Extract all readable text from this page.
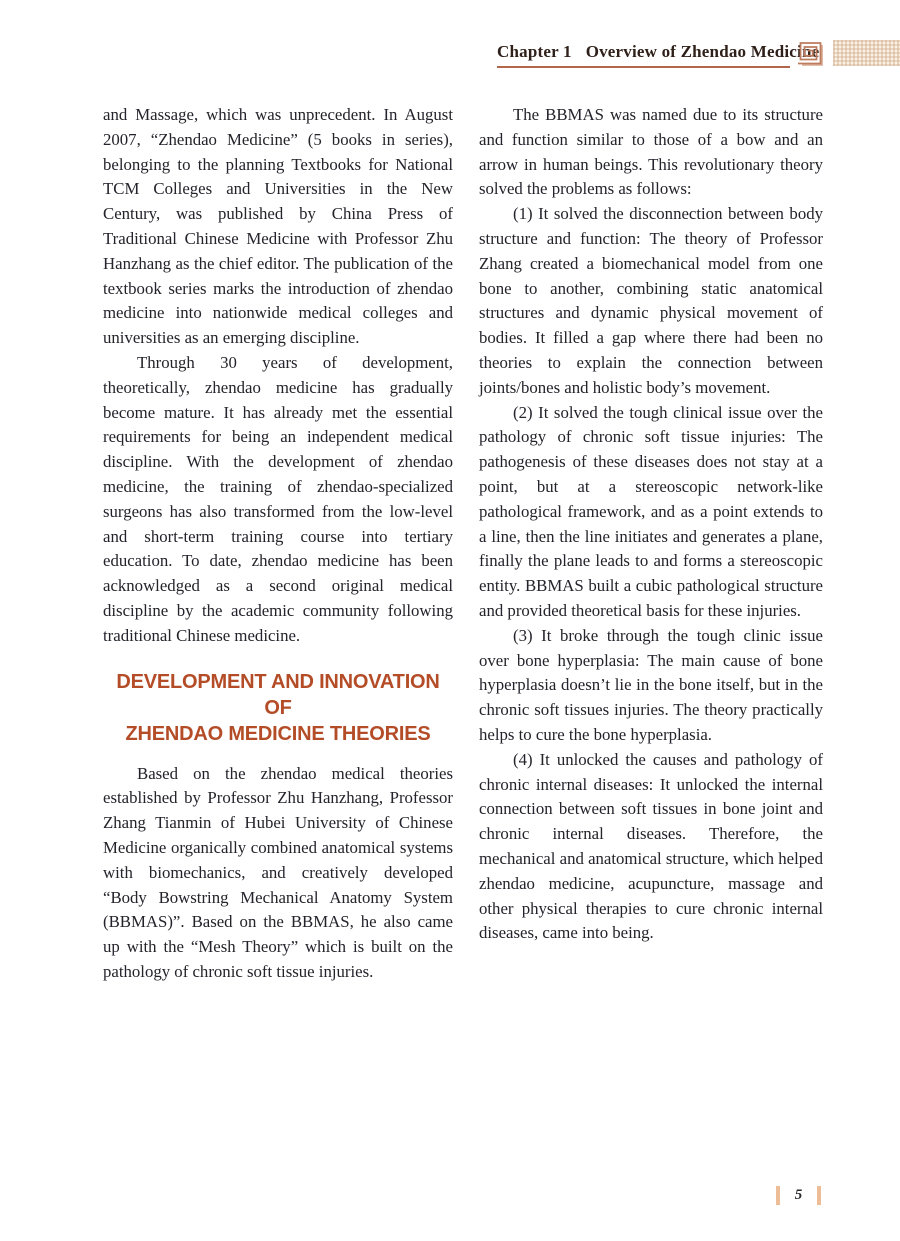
Chapter 1 Overview of Zhendao Medicine

and Massage, which was unprecedent. In August 2007, “Zhendao Medicine” (5 books in series), belonging to the planning Textbooks for National TCM Colleges and Universities in the New Century, was published by China Press of Traditional Chinese Medicine with Professor Zhu Hanzhang as the chief editor. The publication of the textbook series marks the introduction of zhendao medicine into nationwide medical colleges and universities as an emerging discipline.

Through 30 years of development, theoretically, zhendao medicine has gradually become mature. It has already met the essential requirements for being an independent medical discipline. With the development of zhendao medicine, the training of zhendao-specialized surgeons has also transformed from the low-level and short-term training course into tertiary education. To date, zhendao medicine has been acknowledged as a second original medical discipline by the academic community following traditional Chinese medicine.

DEVELOPMENT AND INNOVATION OF
ZHENDAO MEDICINE THEORIES

Based on the zhendao medical theories established by Professor Zhu Hanzhang, Professor Zhang Tianmin of Hubei University of Chinese Medicine organically combined anatomical systems with biomechanics, and creatively developed “Body Bowstring Mechanical Anatomy System (BBMAS)”. Based on the BBMAS, he also came up with the “Mesh Theory” which is built on the pathology of chronic soft tissue injuries.

The BBMAS was named due to its structure and function similar to those of a bow and an arrow in human beings. This revolutionary theory solved the problems as follows:

(1) It solved the disconnection between body structure and function: The theory of Professor Zhang created a biomechanical model from one bone to another, combining static anatomical structures and dynamic physical movement of bodies. It filled a gap where there had been no theories to explain the connection between joints/bones and holistic body’s movement.

(2) It solved the tough clinical issue over the pathology of chronic soft tissue injuries: The pathogenesis of these diseases does not stay at a point, but at a stereoscopic network-like pathological framework, and as a point extends to a line, then the line initiates and generates a plane, finally the plane leads to and forms a stereoscopic entity. BBMAS built a cubic pathological structure and provided theoretical basis for these injuries.

(3) It broke through the tough clinic issue over bone hyperplasia: The main cause of bone hyperplasia doesn’t lie in the bone itself, but in the chronic soft tissues injuries. The theory practically helps to cure the bone hyperplasia.

(4) It unlocked the causes and pathology of chronic internal diseases: It unlocked the internal connection between soft tissues in bone joint and chronic internal diseases. Therefore, the mechanical and anatomical structure, which helped zhendao medicine, acupuncture, massage and other physical therapies to cure chronic internal diseases, came into being.

5
